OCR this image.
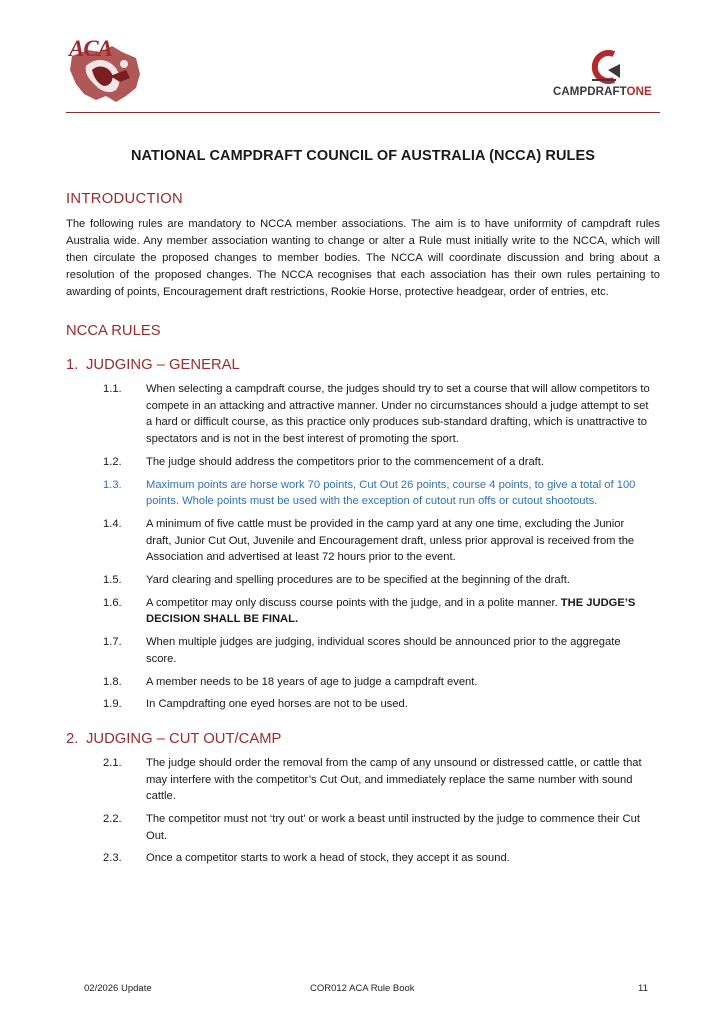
ACA
CAMPDRAFTONE
NATIONAL CAMPDRAFT COUNCIL OF AUSTRALIA (NCCA) RULES
INTRODUCTION

The following rules are mandatory to NCCA member associations. The aim is to have uniformity of campdraft rules Australia wide. Any member association wanting to change or alter a Rule must initially write to the NCCA, which will then circulate the proposed changes to member bodies. The NCCA will coordinate discussion and bring about a resolution of the proposed changes. The NCCA recognises that each association has their own rules pertaining to awarding of points, Encouragement draft restrictions, Rookie Horse, protective headgear, order of entries, etc.

NCCA RULES
1. JUDGING – GENERAL
1.1.	When selecting a campdraft course, the judges should try to set a course that will allow competitors to compete in an attacking and attractive manner. Under no circumstances should a judge attempt to set a hard or difficult course, as this practice only produces sub-standard drafting, which is unattractive to spectators and is not in the best interest of promoting the sport.
1.2.	The judge should address the competitors prior to the commencement of a draft.
1.3.	Maximum points are horse work 70 points, Cut Out 26 points, course 4 points, to give a total of 100 points. Whole points must be used with the exception of cutout run offs or cutout shootouts.
1.4.	A minimum of five cattle must be provided in the camp yard at any one time, excluding the Junior draft, Junior Cut Out, Juvenile and Encouragement draft, unless prior approval is received from the Association and advertised at least 72 hours prior to the event.
1.5.	Yard clearing and spelling procedures are to be specified at the beginning of the draft.
1.6.	A competitor may only discuss course points with the judge, and in a polite manner. THE JUDGE’S DECISION SHALL BE FINAL.
1.7.	When multiple judges are judging, individual scores should be announced prior to the aggregate score.
1.8.	A member needs to be 18 years of age to judge a campdraft event.
1.9.	In Campdrafting one eyed horses are not to be used.
2. JUDGING – CUT OUT/CAMP
2.1.	The judge should order the removal from the camp of any unsound or distressed cattle, or cattle that may interfere with the competitor’s Cut Out, and immediately replace the same number with sound cattle.
2.2.	The competitor must not ‘try out’ or work a beast until instructed by the judge to commence their Cut Out.
2.3.	Once a competitor starts to work a head of stock, they accept it as sound.
02/2026 Update	COR012 ACA Rule Book	11
